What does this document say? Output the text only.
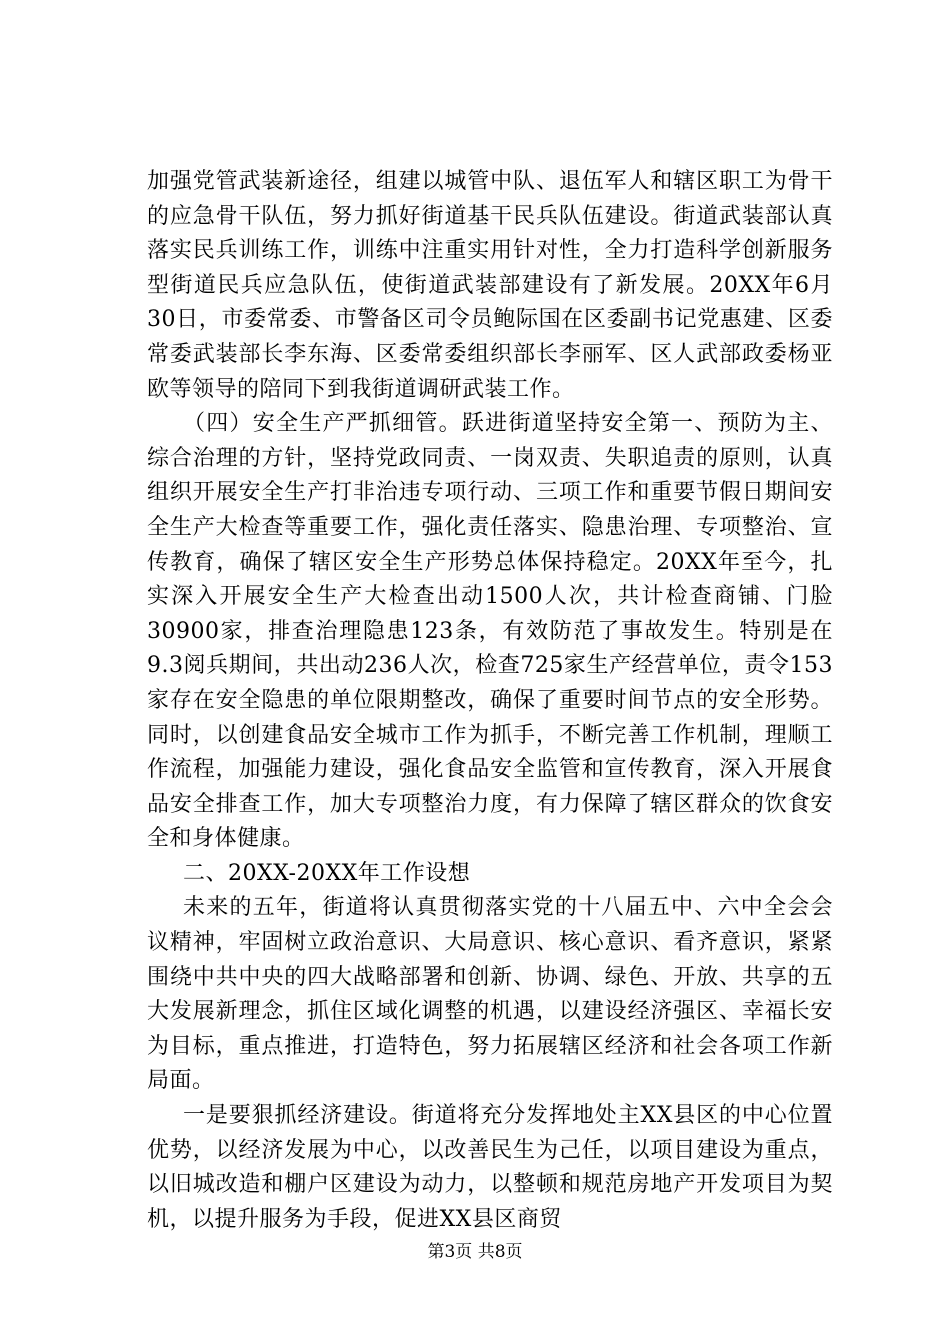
加强党管武装新途径，组建以城管中队、退伍军人和辖区职工为骨干的应急骨干队伍，努力抓好街道基干民兵队伍建设。街道武装部认真落实民兵训练工作，训练中注重实用针对性，全力打造科学创新服务型街道民兵应急队伍，使街道武装部建设有了新发展。20XX年6月30日，市委常委、市警备区司令员鲍际国在区委副书记党惠建、区委常委武装部长李东海、区委常委组织部长李丽军、区人武部政委杨亚欧等领导的陪同下到我街道调研武装工作。

（四）安全生产严抓细管。跃进街道坚持安全第一、预防为主、综合治理的方针，坚持党政同责、一岗双责、失职追责的原则，认真组织开展安全生产打非治违专项行动、三项工作和重要节假日期间安全生产大检查等重要工作，强化责任落实、隐患治理、专项整治、宣传教育，确保了辖区安全生产形势总体保持稳定。20XX年至今，扎实深入开展安全生产大检查出动1500人次，共计检查商铺、门脸30900家，排查治理隐患123条，有效防范了事故发生。特别是在9.3阅兵期间，共出动236人次，检查725家生产经营单位，责令153家存在安全隐患的单位限期整改，确保了重要时间节点的安全形势。同时，以创建食品安全城市工作为抓手，不断完善工作机制，理顺工作流程，加强能力建设，强化食品安全监管和宣传教育，深入开展食品安全排查工作，加大专项整治力度，有力保障了辖区群众的饮食安全和身体健康。

二、20XX-20XX年工作设想

未来的五年，街道将认真贯彻落实党的十八届五中、六中全会会议精神，牢固树立政治意识、大局意识、核心意识、看齐意识，紧紧围绕中共中央的四大战略部署和创新、协调、绿色、开放、共享的五大发展新理念，抓住区域化调整的机遇，以建设经济强区、幸福长安为目标，重点推进，打造特色，努力拓展辖区经济和社会各项工作新局面。

一是要狠抓经济建设。街道将充分发挥地处主XX县区的中心位置优势，以经济发展为中心，以改善民生为己任，以项目建设为重点，以旧城改造和棚户区建设为动力，以整顿和规范房地产开发项目为契机，以提升服务为手段，促进XX县区商贸

第3页 共8页
